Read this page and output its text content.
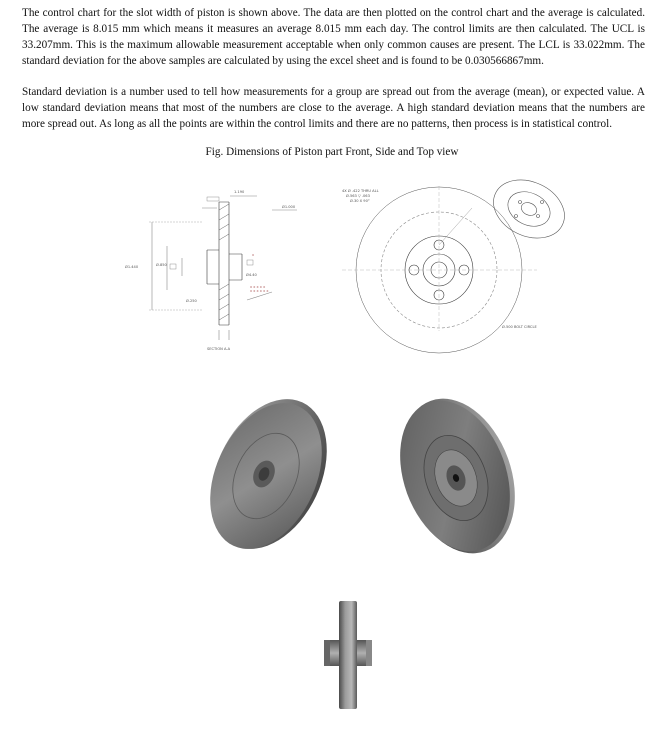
The control chart for the slot width of piston is shown above. The data are then plotted on the control chart and the average is calculated. The average is 8.015 mm which means it measures an average 8.015 mm each day. The control limits are then calculated. The UCL is 33.207mm. This is the maximum allowable measurement acceptable when only common causes are present. The LCL is 33.022mm. The standard deviation for the above samples are calculated by using the excel sheet and is found to be 0.030566867mm.

Standard deviation is a number used to tell how measurements for a group are spread out from the average (mean), or expected value. A low standard deviation means that most of the numbers are close to the average. A high standard deviation means that the numbers are more spread out. As long as all the points are within the control limits and there are no patterns, then process is in statistical control.

Fig. Dimensions of Piston part Front, Side and Top view
Ø1.440
1.190
Ø.850
Ø1.000
Ø4.40
Ø.250
x
x x x x x
x x x x x x
SECTION A-A
4X Ø .422 THRU ALL
Ø.563 ▽ .063
Ø.30 X 90°
Ø.500 BOLT CIRCLE
